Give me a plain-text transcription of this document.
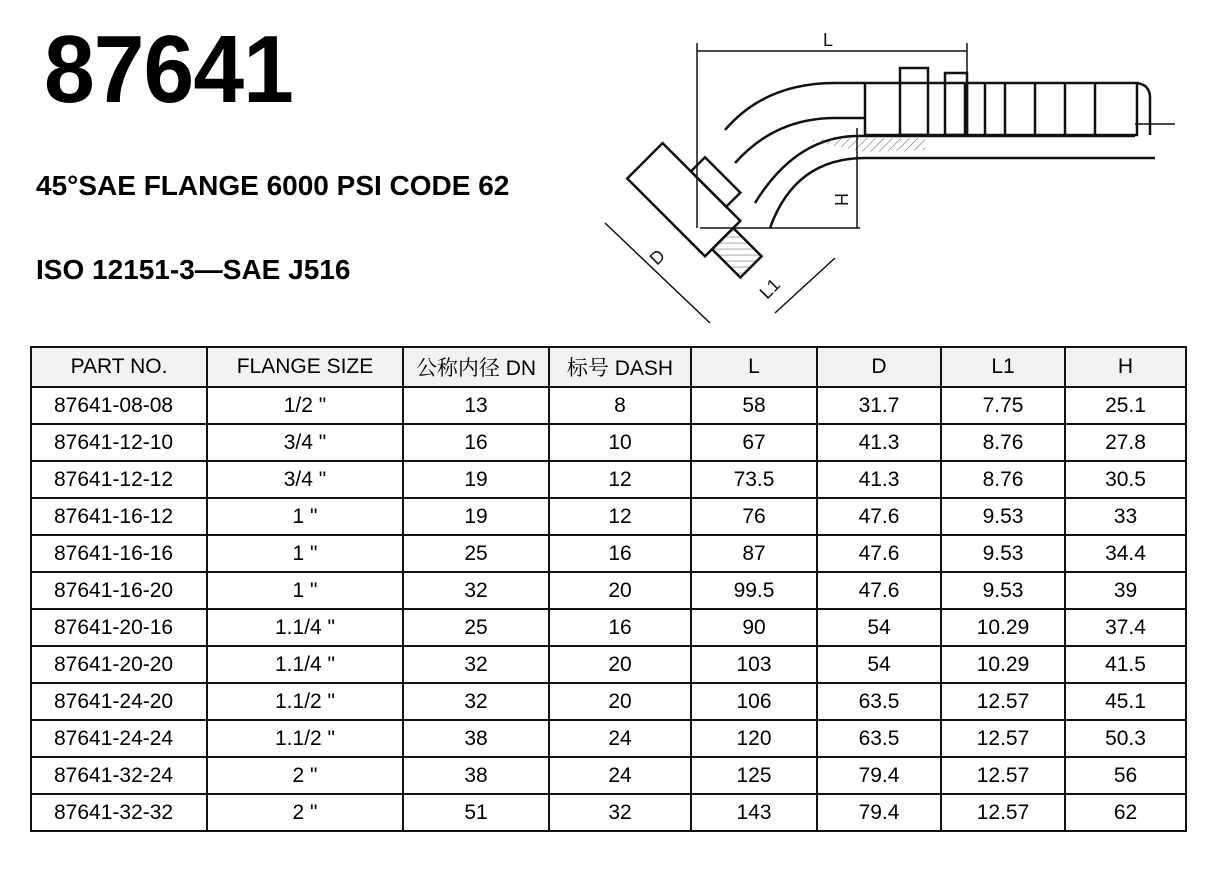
87641
45°SAE FLANGE 6000 PSI CODE 62
ISO 12151-3—SAE J516
L
H
D
L1
PART NO.	FLANGE SIZE	公称内径 DN	标号 DASH	L	D	L1	H
87641-08-08	1/2 "	13	8	58	31.7	7.75	25.1
87641-12-10	3/4 "	16	10	67	41.3	8.76	27.8
87641-12-12	3/4 "	19	12	73.5	41.3	8.76	30.5
87641-16-12	1 "	19	12	76	47.6	9.53	33
87641-16-16	1 "	25	16	87	47.6	9.53	34.4
87641-16-20	1 "	32	20	99.5	47.6	9.53	39
87641-20-16	1.1/4 "	25	16	90	54	10.29	37.4
87641-20-20	1.1/4 "	32	20	103	54	10.29	41.5
87641-24-20	1.1/2 "	32	20	106	63.5	12.57	45.1
87641-24-24	1.1/2 "	38	24	120	63.5	12.57	50.3
87641-32-24	2 "	38	24	125	79.4	12.57	56
87641-32-32	2 "	51	32	143	79.4	12.57	62
